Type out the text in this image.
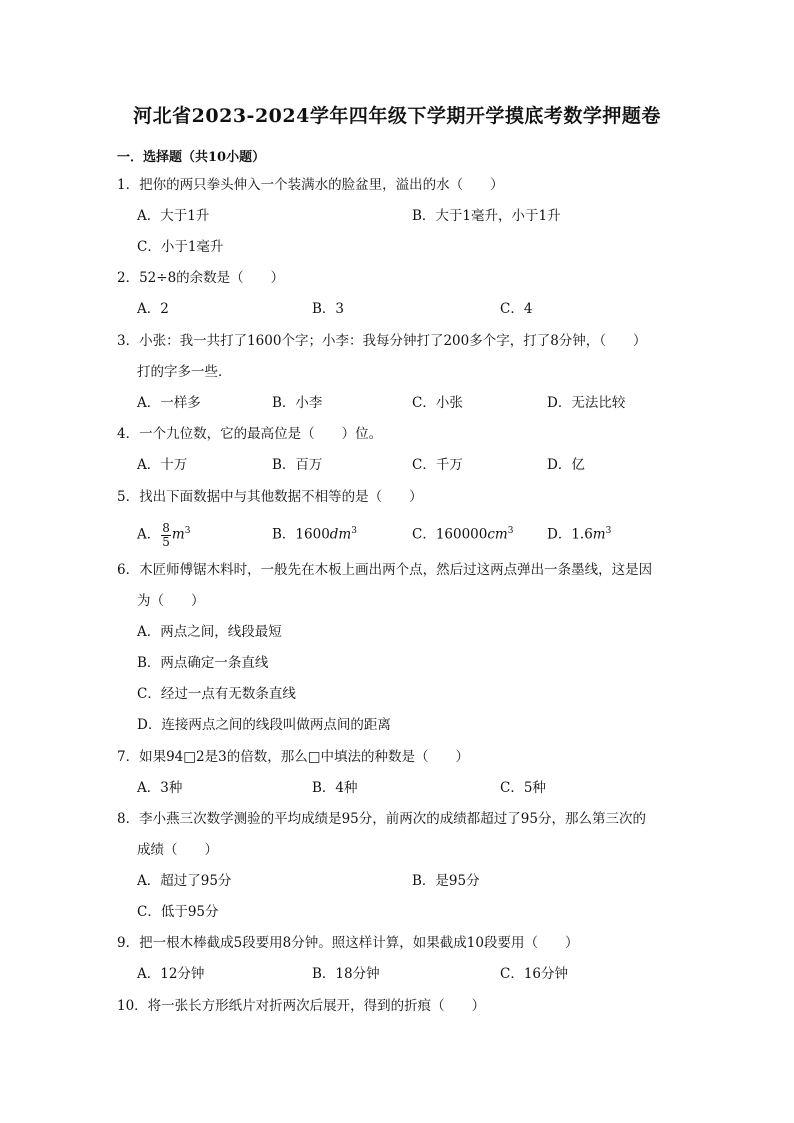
河北省2023-2024学年四年级下学期开学摸底考数学押题卷
一．选择题（共10小题）
1．把你的两只拳头伸入一个装满水的脸盆里，溢出的水（　　）
A．大于1升	B．大于1毫升，小于1升
C．小于1毫升
2．52÷8的余数是（　　）
A．2	B．3	C．4
3．小张：我一共打了1600个字；小李：我每分钟打了200多个字，打了8分钟，（　　）
打的字多一些．
A．一样多	B．小李	C．小张	D．无法比较
4．一个九位数，它的最高位是（　　）位。
A．十万	B．百万	C．千万	D．亿
5．找出下面数据中与其他数据不相等的是（　　）
A． $\frac{8}{5} m^3$	B．$1600dm^3$	C．$160000cm^3$ D．$1.6m^3$
6．木匠师傅锯木料时，一般先在木板上画出两个点，然后过这两点弹出一条墨线，这是因
为（　　）
A．两点之间，线段最短
B．两点确定一条直线
C．经过一点有无数条直线
D．连接两点之间的线段叫做两点间的距离
7．如果94□2是3的倍数，那么□中填法的种数是（　　）
A．3种	B．4种	C．5种
8．李小燕三次数学测验的平均成绩是95分，前两次的成绩都超过了95分，那么第三次的
成绩（　　）
A．超过了95分	B．是95分
C．低于95分
9．把一根木棒截成5段要用8分钟。照这样计算，如果截成10段要用（　　）
A．12分钟	B．18分钟	C．16分钟
10．将一张长方形纸片对折两次后展开，得到的折痕（　　）
